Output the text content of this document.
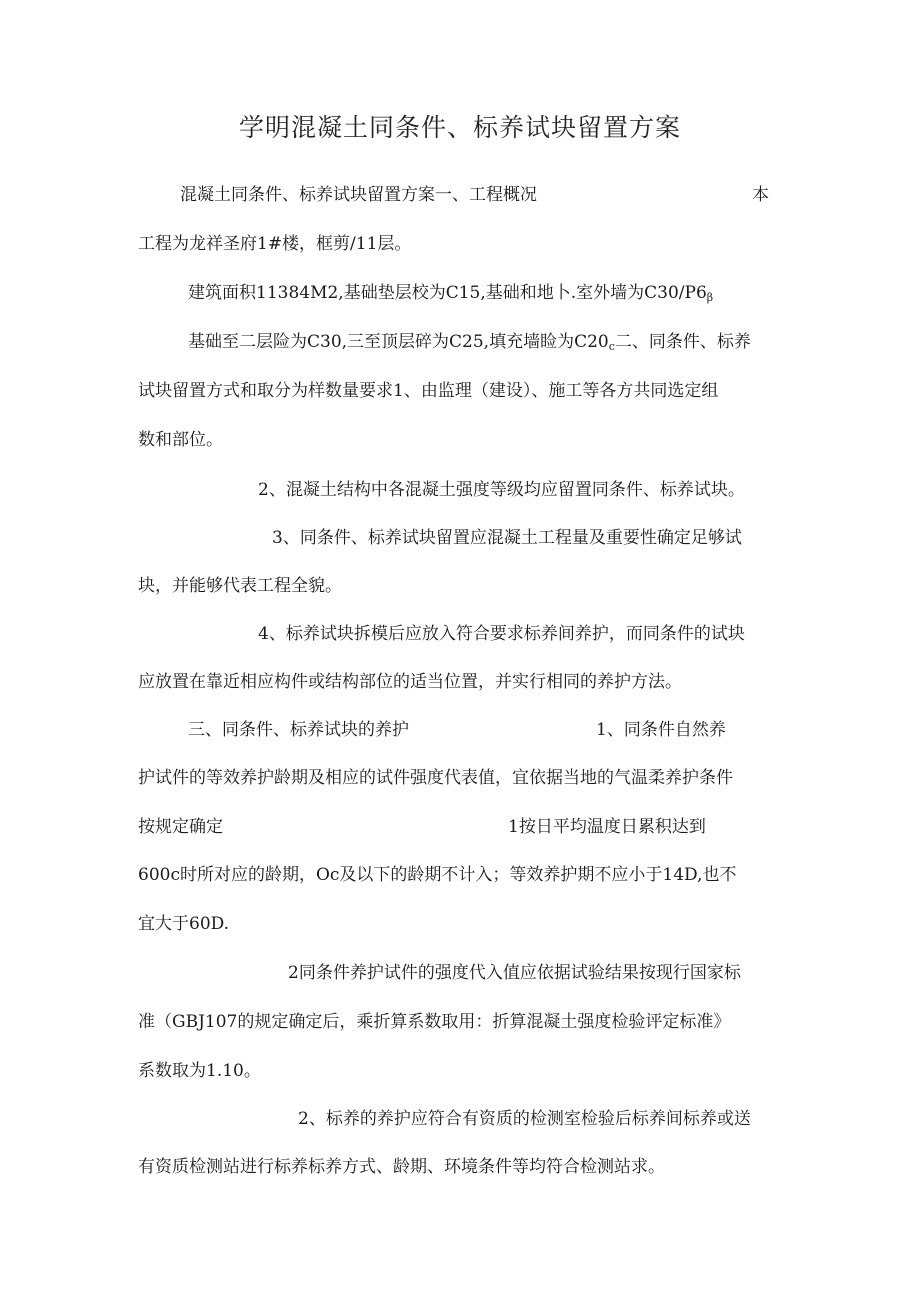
学明混凝土同条件、标养试块留置方案
混凝土同条件、标养试块留置方案一、工程概况	本
工程为龙祥圣府1#楼，框剪/11层。
建筑面积11384M2,基础垫层校为C15,基础和地卜.室外墙为$C30/P6_\beta$
基础至二层险为C30,三至顶层碎为C25,填充墙睑为$C20_c$二、同条件、标养
试块留置方式和取分为样数量要求1、由监理（建设）、施工等各方共同选定组
数和部位。
2、混凝土结构中各混凝土强度等级均应留置同条件、标养试块。
3、同条件、标养试块留置应混凝土工程量及重要性确定足够试
块，并能够代表工程全貌。
4、标养试块拆模后应放入符合要求标养间养护，而同条件的试块
应放置在靠近相应构件或结构部位的适当位置，并实行相同的养护方法。
三、同条件、标养试块的养护	1、同条件自然养
护试件的等效养护龄期及相应的试件强度代表值，宜依据当地的气温柔养护条件
按规定确定	1按日平均温度日累积达到
600c时所对应的龄期，Oc及以下的龄期不计入；等效养护期不应小于14D,也不
宜大于60D.
2同条件养护试件的强度代入值应依据试验结果按现行国家标
准（GBJ107的规定确定后，乘折算系数取用：折算混凝土强度检验评定标准》
系数取为1.10。
2、标养的养护应符合有资质的检测室检验后标养间标养或送
有资质检测站进行标养标养方式、龄期、环境条件等均符合检测站求。
